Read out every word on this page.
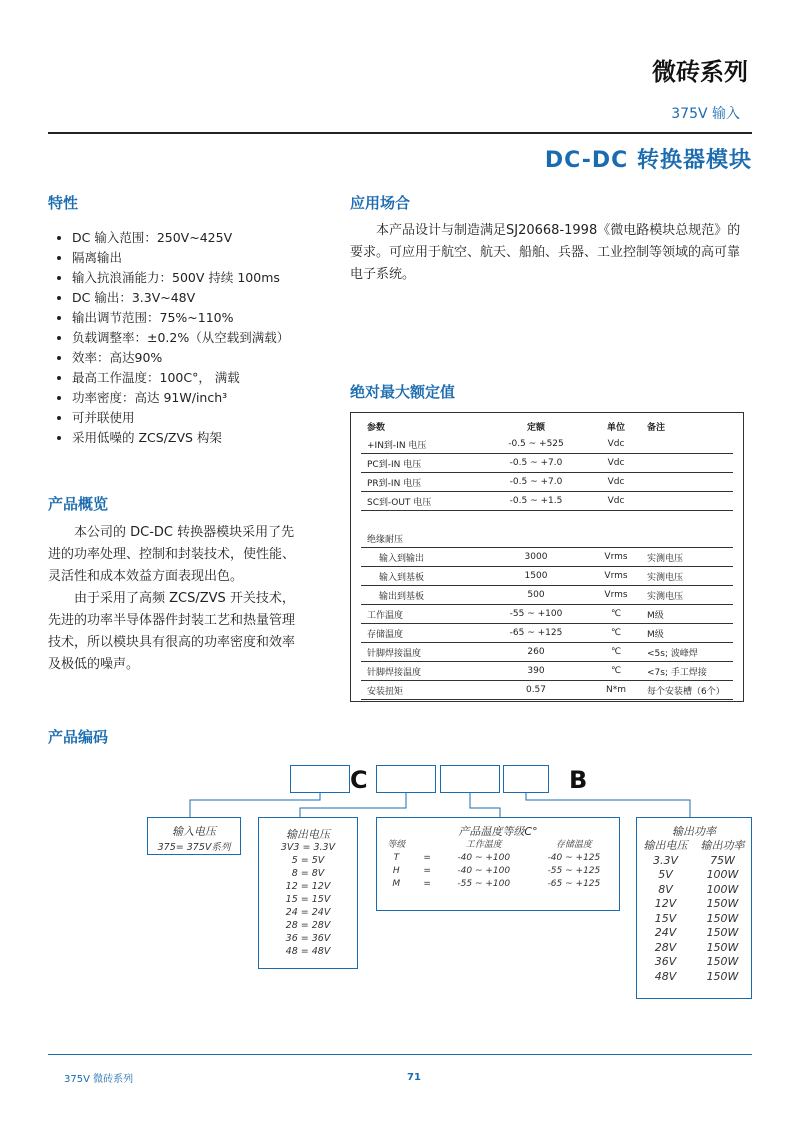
微砖系列
375V 输入
DC-DC 转换器模块
特性
• DC 输入范围：250V~425V
• 隔离输出
• 输入抗浪涌能力：500V 持续 100ms
• DC 输出：3.3V~48V
• 输出调节范围：75%~110%
• 负载调整率：±0.2%（从空载到满载）
• 效率：高达90%
• 最高工作温度：100C°， 满载
• 功率密度：高达 91W/inch³
• 可并联使用
• 采用低噪的 ZCS/ZVS 构架
产品概览
本公司的 DC-DC 转换器模块采用了先进的功率处理、控制和封装技术，使性能、灵活性和成本效益方面表现出色。
由于采用了高频 ZCS/ZVS 开关技术，先进的功率半导体器件封装工艺和热量管理技术，所以模块具有很高的功率密度和效率及极低的噪声。
应用场合
本产品设计与制造满足SJ20668-1998《微电路模块总规范》的要求。可应用于航空、航天、船舶、兵器、工业控制等领域的高可靠电子系统。
绝对最大额定值
参数	定额	单位	备注
+IN到-IN 电压	-0.5 ~ +525	Vdc	
PC到-IN 电压	-0.5 ~ +7.0	Vdc	
PR到-IN 电压	-0.5 ~ +7.0	Vdc	
SC到-OUT 电压	-0.5 ~ +1.5	Vdc	

绝缘耐压			
输入到输出	3000	Vrms	实测电压
输入到基板	1500	Vrms	实测电压
输出到基板	500	Vrms	实测电压
工作温度	-55 ~ +100	℃	M级
存储温度	-65 ~ +125	℃	M级
针脚焊接温度	260	℃	<5s; 波峰焊
针脚焊接温度	390	℃	<7s; 手工焊接
安装扭矩	0.57	N*m	每个安装槽（6个）
产品编码
C	B
输入电压
375= 375V系列
输出电压
3V3 = 3.3V
5 = 5V
8 = 8V
12 = 12V
15 = 15V
24 = 24V
28 = 28V
36 = 36V
48 = 48V
产品温度等级C°
等级		工作温度	存储温度
T	=	-40 ~ +100	-40 ~ +125
H	=	-40 ~ +100	-55 ~ +125
M	=	-55 ~ +100	-65 ~ +125
输出功率
输出电压	输出功率
3.3V	75W
5V	100W
8V	100W
12V	150W
15V	150W
24V	150W
28V	150W
36V	150W
48V	150W
375V 微砖系列	71
